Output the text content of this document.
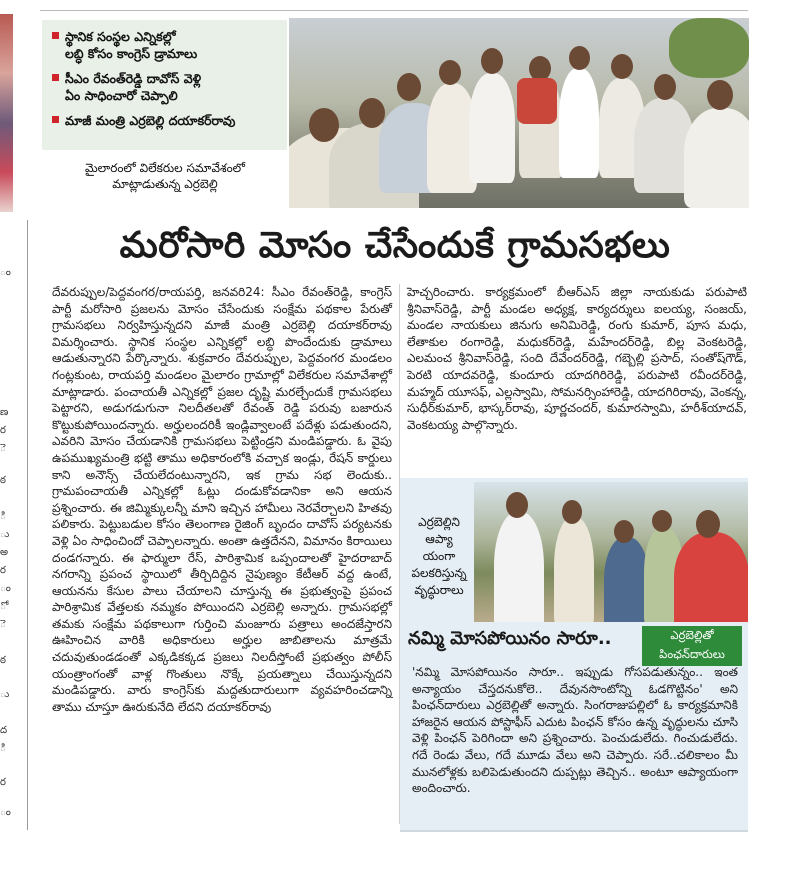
ం
ణ
ర
ె
ఠ
ి
ు
అ
ర
ం
ో
ె
ఠ
ు
ద
ి
ర
ం
స్థానిక సంస్థల ఎన్నికల్లో
లబ్ధి కోసం కాంగ్రెస్ డ్రామాలు
సీఎం రేవంత్‌రెడ్డి దావోస్ వెళ్లి
ఏం సాధించారో చెప్పాలి
మాజీ మంత్రి ఎర్రబెల్లి దయాకర్‌రావు
మైలారంలో విలేకరుల సమావేశంలో
మాట్లాడుతున్న ఎర్రబెల్లి
మరోసారి మోసం చేసేందుకే గ్రామసభలు
దేవరుప్పుల/పెద్దవంగర/రాయపర్తి, జనవరి24: సీఎం రేవంత్‌రెడ్డి, కాంగ్రెస్ పార్టీ మరోసారి ప్రజలను మోసం చేసేందుకు సంక్షేమ పథకాల పేరుతో గ్రామసభలు నిర్వహిస్తున్నదని మాజీ మంత్రి ఎర్రబెల్లి దయాకర్‌రావు విమర్శించారు. స్థానిక సంస్థల ఎన్నికల్లో లబ్ధి పొందేందుకు డ్రామాలు ఆడుతున్నారని పేర్కొన్నారు. శుక్రవారం దేవరుప్పుల, పెద్దవంగర మండలం గంట్లకుంట, రాయపర్తి మండలం మైలారం గ్రామాల్లో విలేకరుల సమావేశాల్లో మాట్లాడారు. పంచాయతీ ఎన్నికల్లో ప్రజల దృష్టి మరల్చేందుకే గ్రామసభలు పెట్టారని, అడుగడుగునా నిలదీతలతో రేవంత్ రెడ్డి పరువు బజారున కొట్టుకుపోయిందన్నారు. అర్హులందరికీ ఇండ్లివ్వాలంటే పదేళ్లు పడుతుందని, ఎవరిని మోసం చేయడానికి గ్రామసభలు పెట్టిండ్రని మండిపడ్డారు. ఓ వైపు ఉపముఖ్యమంత్రి భట్టి తాము అధికారంలోకి వచ్చాక ఇండ్లు, రేషన్ కార్డులు కాని అనౌన్స్ చేయలేదంటున్నారని, ఇక గ్రామ సభ లెందుకు.. గ్రామపంచాయతీ ఎన్నికల్లో ఓట్లు దండుకోవడానికా అని ఆయన ప్రశ్నించారు. ఈ జిమ్మిక్కులన్నీ మాని ఇచ్చిన హామీలు నెరవేర్చాలని హితవు పలికారు. పెట్టుబడుల కోసం తెలంగాణ రైజింగ్ బృందం దావోస్ పర్యటనకు వెళ్లి ఏం సాధించిందో చెప్పాలన్నారు. అంతా ఉత్తదేనని, విమానం కిరాయిలు దండగన్నారు. ఈ ఫార్ములా రేస్, పారిశ్రామిక ఒప్పందాలతో హైదరాబాద్ నగరాన్ని ప్రపంచ స్థాయిలో తీర్చిదిద్దిన నైపుణ్యం కేటీఆర్ వద్ద ఉంటే, ఆయనను కేసుల పాలు చేయాలని చూస్తున్న ఈ ప్రభుత్వంపై ప్రపంచ పారిశ్రామిక వేత్తలకు నమ్మకం పోయిందని ఎర్రబెల్లి అన్నారు. గ్రామసభల్లో తమకు సంక్షేమ పథకాలుగా గుర్తించి మంజూరు పత్రాలు అందజేస్తారని ఊహించిన వారికి అధికారులు అర్హుల జాబితాలను మాత్రమే చదువుతుండడంతో ఎక్కడికక్కడ ప్రజలు నిలదీస్తోంటే ప్రభుత్వం పోలీస్ యంత్రాంగంతో వాళ్ల గొంతులు నొక్కే ప్రయత్నాలు చేయిస్తున్నదని మండిపడ్డారు. వారు కాంగ్రెస్‌కు మద్దతుదారులుగా వ్యవహరించడాన్ని తాము చూస్తూ ఊరుకునేది లేదని దయాకర్‌రావు
హెచ్చరించారు. కార్యక్రమంలో బీఆర్ఎస్ జిల్లా నాయకుడు పరుపాటి శ్రీనివాస్‌రెడ్డి, పార్టీ మండల అధ్యక్ష, కార్యదర్శులు ఐలయ్య, సంజయ్, మండల నాయకులు జినుగు అనిమిరెడ్డి, రంగు కుమార్, పూస మధు, లేతాకుల రంగారెడ్డి, మధుకర్‌రెడ్డి, మహేందర్‌రెడ్డి, బిల్ల వెంకటరెడ్డి, ఎలమంచ శ్రీనివాస్‌రెడ్డి, సంది దేవేందర్‌రెడ్డి, గబ్బెల్లి ప్రసాద్, సంతోష్‌గౌడ్, పెరటి యాదవరెడ్డి, కుందూరు యాదగిరిరెడ్డి, పరుపాటి రవీందర్‌రెడ్డి, మహ్మద్ యూసఫ్, ఎల్లస్వామి, సోమనర్సింహారెడ్డి, యాదగిరిరావు, వెంకన్న, సుధీర్‌కుమార్, భాస్కర్‌రావు, పూర్ణచందర్, కుమారస్వామి, హరీశ్‌యాదవ్, వెంకటయ్య పాల్గొన్నారు.
ఎర్రబెల్లిని
ఆప్యా
యంగా
పలకరిస్తున్న
వృద్ధురాలు
నమ్మి మోసపోయినం సారూ..	ఎర్రబెల్లితో
పింఛన్‌దారులు
'నమ్మి మోసపోయినం సారూ.. ఇప్పుడు గోసపడుతున్నం.. ఇంత అన్యాయం చేస్తదనుకోలె.. దేవునసొంటోన్ని ఓడగొట్టినం' అని పింఛన్‌దారులు ఎర్రబెల్లితో అన్నారు. సింగరాజుపల్లిలో ఓ కార్యక్రమానికి హాజరైన ఆయన పోస్టాఫీస్ ఎదుట పింఛన్ కోసం ఉన్న వృద్ధులను చూసి వెళ్లి పింఛన్ పెరిగిందా అని ప్రశ్నించారు. పెంచుడులేదు. గించుడులేదు. గదే రెండు వేలు, గదే మూడు వేలు అని చెప్పారు. సరే..చలికాలం మీ మునలోళ్లకు బలిపెడుతుందని దుప్పట్లు తెచ్చిన.. అంటూ ఆప్యాయంగా అందించారు.
